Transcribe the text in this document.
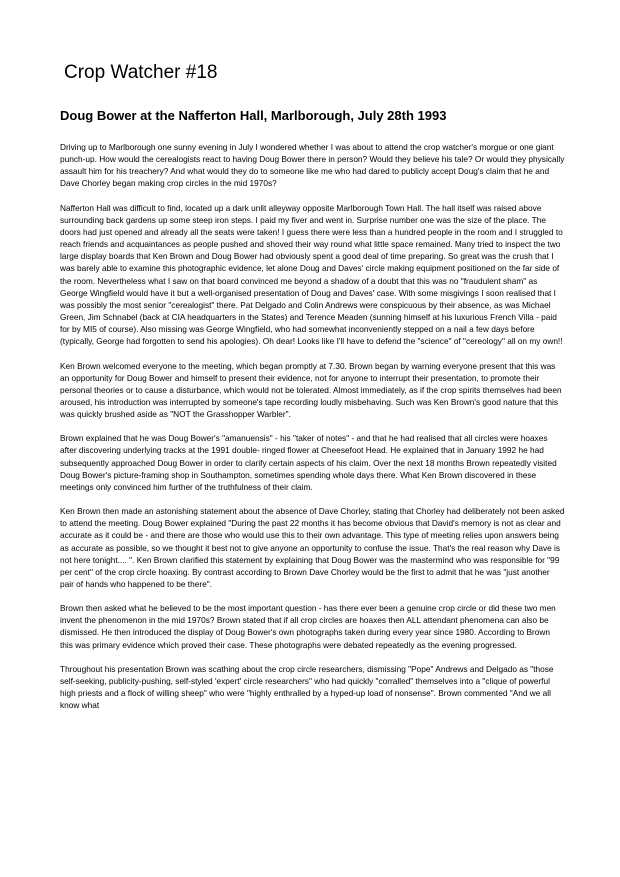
Crop Watcher #18
Doug Bower at the Nafferton Hall, Marlborough, July 28th 1993

Driving up to Marlborough one sunny evening in July I wondered whether I was about to attend the crop watcher's morgue or one giant punch-up. How would the cerealogists react to having Doug Bower there in person? Would they believe his tale? Or would they physically assault him for his treachery? And what would they do to someone like me who had dared to publicly accept Doug's claim that he and Dave Chorley began making crop circles in the mid 1970s?

Nafferton Hall was difficult to find, located up a dark unlit alleyway opposite Marlborough Town Hall. The hall itself was raised above surrounding back gardens up some steep iron steps. I paid my fiver and went in. Surprise number one was the size of the place. The doors had just opened and already all the seats were taken! I guess there were less than a hundred people in the room and I struggled to reach friends and acquaintances as people pushed and shoved their way round what little space remained. Many tried to inspect the two large display boards that Ken Brown and Doug Bower had obviously spent a good deal of time preparing. So great was the crush that I was barely able to examine this photographic evidence, let alone Doug and Daves' circle making equipment positioned on the far side of the room. Nevertheless what I saw on that board convinced me beyond a shadow of a doubt that this was no "fraudulent sham" as George Wingfield would have it but a well-organised presentation of Doug and Daves' case. With some misgivings I soon realised that I was possibly the most senior "cerealogist" there. Pat Delgado and Colin Andrews were conspicuous by their absence, as was Michael Green, Jim Schnabel (back at CIA headquarters in the States) and Terence Meaden (sunning himself at his luxurious French Villa - paid for by MI5 of course). Also missing was George Wingfield, who had somewhat inconveniently stepped on a nail a few days before (typically, George had forgotten to send his apologies). Oh dear! Looks like I'll have to defend the "science" of "cereology" all on my own!!

Ken Brown welcomed everyone to the meeting, which began promptly at 7.30. Brown began by warning everyone present that this was an opportunity for Doug Bower and himself to present their evidence, not for anyone to interrupt their presentation, to promote their personal theories or to cause a disturbance, which would not be tolerated. Almost immediately, as if the crop spirits themselves had been aroused, his introduction was interrupted by someone's tape recording loudly misbehaving. Such was Ken Brown's good nature that this was quickly brushed aside as "NOT the Grasshopper Warbler".

Brown explained that he was Doug Bower's "amanuensis" - his "taker of notes" - and that he had realised that all circles were hoaxes after discovering underlying tracks at the 1991 double- ringed flower at Cheesefoot Head. He explained that in January 1992 he had subsequently approached Doug Bower in order to clarify certain aspects of his claim. Over the next 18 months Brown repeatedly visited Doug Bower's picture-framing shop in Southampton, sometimes spending whole days there. What Ken Brown discovered in these meetings only convinced him further of the truthfulness of their claim.

Ken Brown then made an astonishing statement about the absence of Dave Chorley, stating that Chorley had deliberately not been asked to attend the meeting. Doug Bower explained "During the past 22 months it has become obvious that David's memory is not as clear and accurate as it could be - and there are those who would use this to their own advantage. This type of meeting relies upon answers being as accurate as possible, so we thought it best not to give anyone an opportunity to confuse the issue. That's the real reason why Dave is not here tonight.... ". Ken Brown clarified this statement by explaining that Doug Bower was the mastermind who was responsible for "99 per cent" of the crop circle hoaxing. By contrast according to Brown Dave Chorley would be the first to admit that he was "just another pair of hands who happened to be there".

Brown then asked what he believed to be the most important question - has there ever been a genuine crop circle or did these two men invent the phenomenon in the mid 1970s? Brown stated that if all crop circles are hoaxes then ALL attendant phenomena can also be dismissed. He then introduced the display of Doug Bower's own photographs taken during every year since 1980. According to Brown this was primary evidence which proved their case. These photographs were debated repeatedly as the evening progressed.

Throughout his presentation Brown was scathing about the crop circle researchers, dismissing "Pope" Andrews and Delgado as "those self-seeking, publicity-pushing, self-styled 'expert' circle researchers" who had quickly "corralled" themselves into a "clique of powerful high priests and a flock of willing sheep" who were "highly enthralled by a hyped-up load of nonsense". Brown commented "And we all know what
